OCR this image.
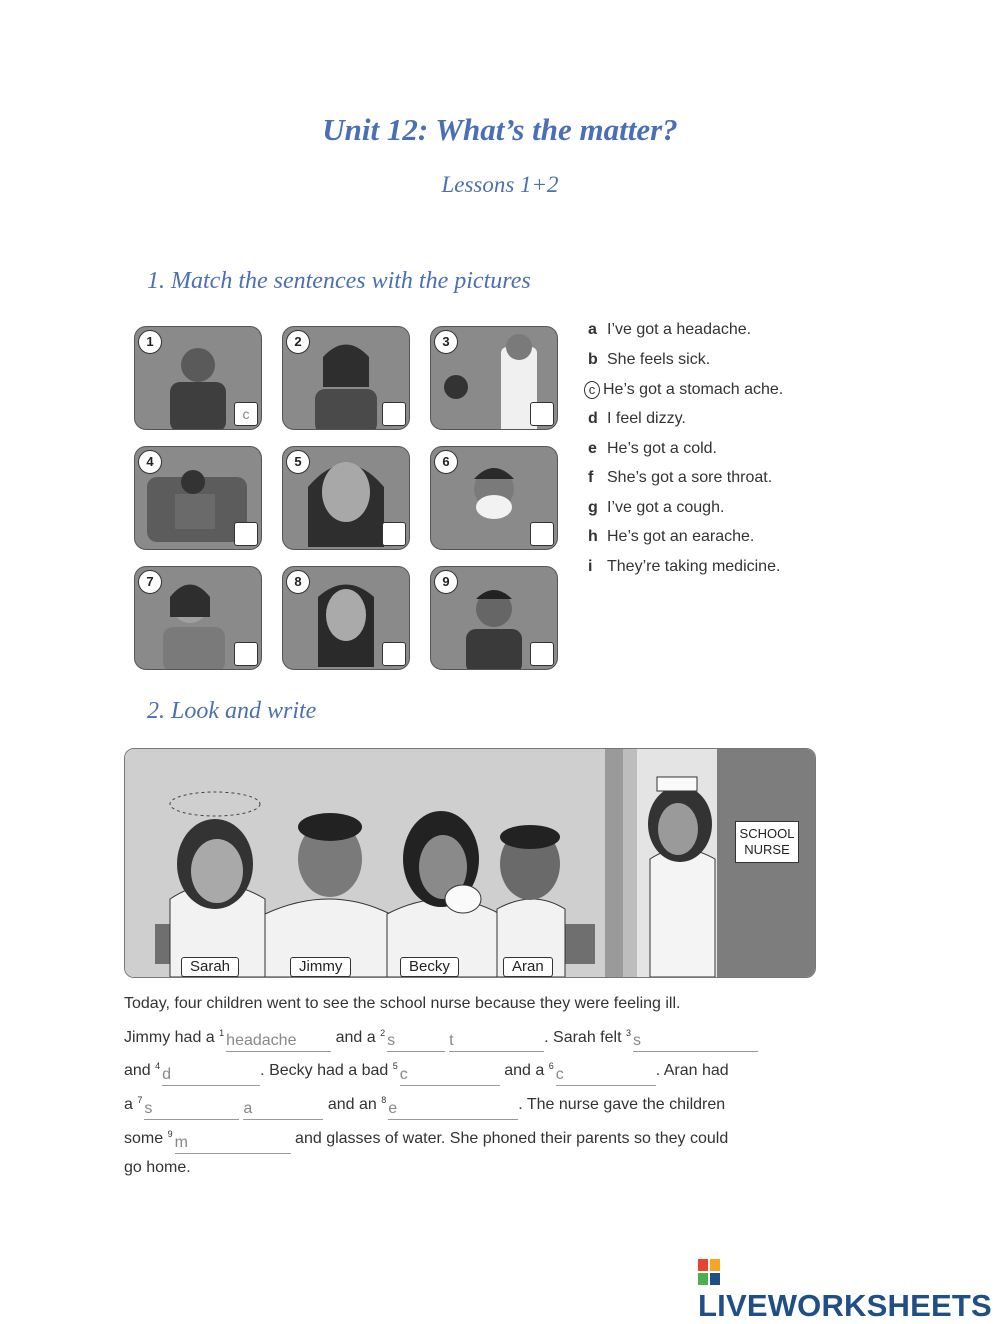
Unit 12: What’s the matter?
Lessons 1+2
1. Match the sentences with the pictures
1
c
2	3
4	5	6
7	8	9
a I’ve got a headache.
b She feels sick.
c He’s got a stomach ache.
d I feel dizzy.
e He’s got a cold.
f She’s got a sore throat.
g I’ve got a cough.
h He’s got an earache.
i They’re taking medicine.
2. Look and write
SCHOOL
NURSE
Sarah	Jimmy	Becky	Aran
Today, four children went to see the school nurse because they were feeling ill.
Jimmy had a $^1$ headache and a $^2$ s	t	. Sarah felt $^3$ s
and $^4$ d	. Becky had a bad $^5$ c	and a $^6$ c	. Aran had
a $^7$ s	a	and an $^8$ e	. The nurse gave the children
some $^9$ m	and glasses of water. She phoned their parents so they could
go home.
LIVEWORKSHEETS
